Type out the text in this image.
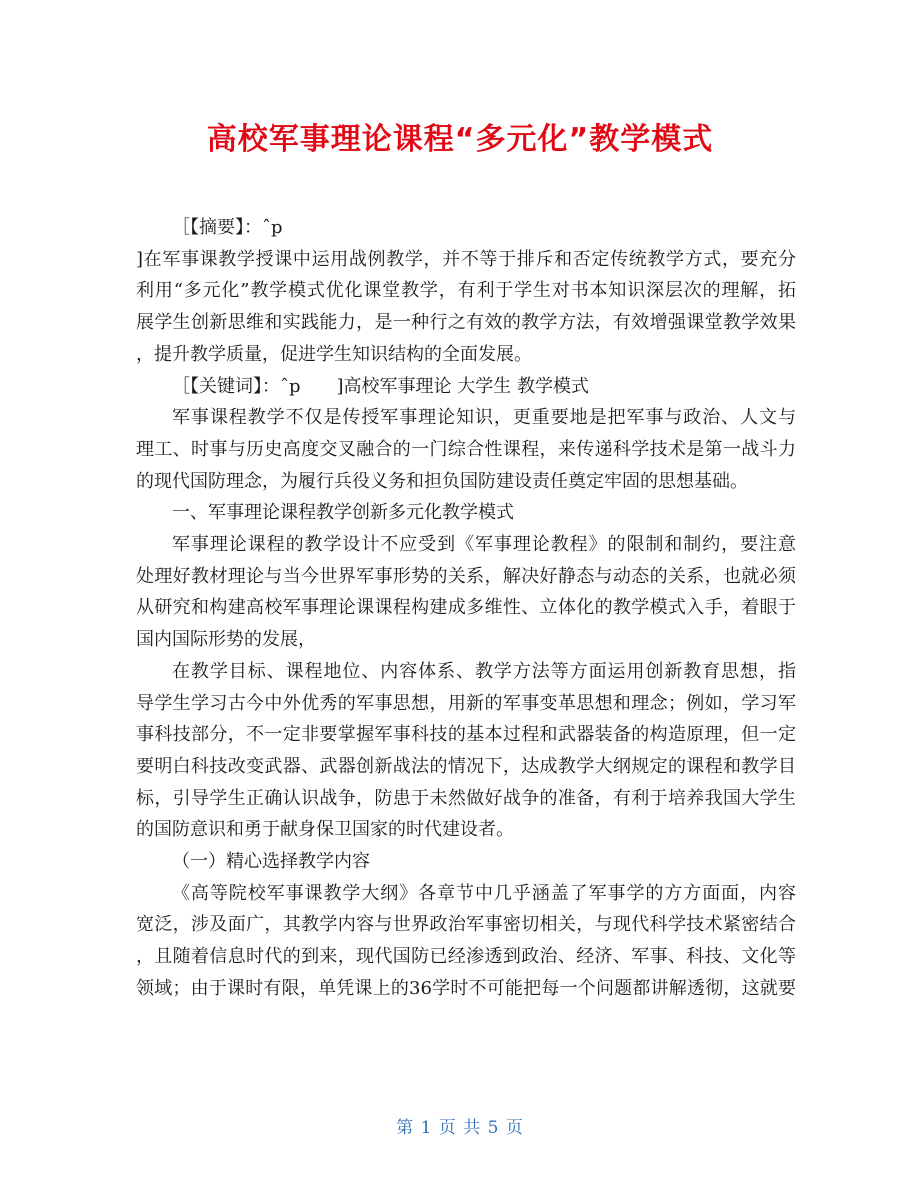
高校军事理论课程“多元化”教学模式

［【摘要】：ˆp

]在军事课教学授课中运用战例教学，并不等于排斥和否定传统教学方式，要充分
利用“多元化”教学模式优化课堂教学，有利于学生对书本知识深层次的理解，拓
展学生创新思维和实践能力，是一种行之有效的教学方法，有效增强课堂教学效果
，提升教学质量，促进学生知识结构的全面发展。

［【关键词】：ˆp　　]高校军事理论 大学生 教学模式

军事课程教学不仅是传授军事理论知识，更重要地是把军事与政治、人文与
理工、时事与历史高度交叉融合的一门综合性课程，来传递科学技术是第一战斗力
的现代国防理念，为履行兵役义务和担负国防建设责任奠定牢固的思想基础。

一、军事理论课程教学创新多元化教学模式

军事理论课程的教学设计不应受到《军事理论教程》的限制和制约，要注意
处理好教材理论与当今世界军事形势的关系，解决好静态与动态的关系，也就必须
从研究和构建高校军事理论课课程构建成多维性、立体化的教学模式入手，着眼于
国内国际形势的发展，
在教学目标、课程地位、内容体系、教学方法等方面运用创新教育思想，指
导学生学习古今中外优秀的军事思想，用新的军事变革思想和理念；例如，学习军
事科技部分，不一定非要掌握军事科技的基本过程和武器装备的构造原理，但一定
要明白科技改变武器、武器创新战法的情况下，达成教学大纲规定的课程和教学目
标，引导学生正确认识战争，防患于未然做好战争的准备，有利于培养我国大学生
的国防意识和勇于献身保卫国家的时代建设者。

（一）精心选择教学内容

《高等院校军事课教学大纲》各章节中几乎涵盖了军事学的方方面面，内容
宽泛，涉及面广，其教学内容与世界政治军事密切相关，与现代科学技术紧密结合
，且随着信息时代的到来，现代国防已经渗透到政治、经济、军事、科技、文化等
领域；由于课时有限，单凭课上的36学时不可能把每一个问题都讲解透彻，这就要
第 1 页 共 5 页
